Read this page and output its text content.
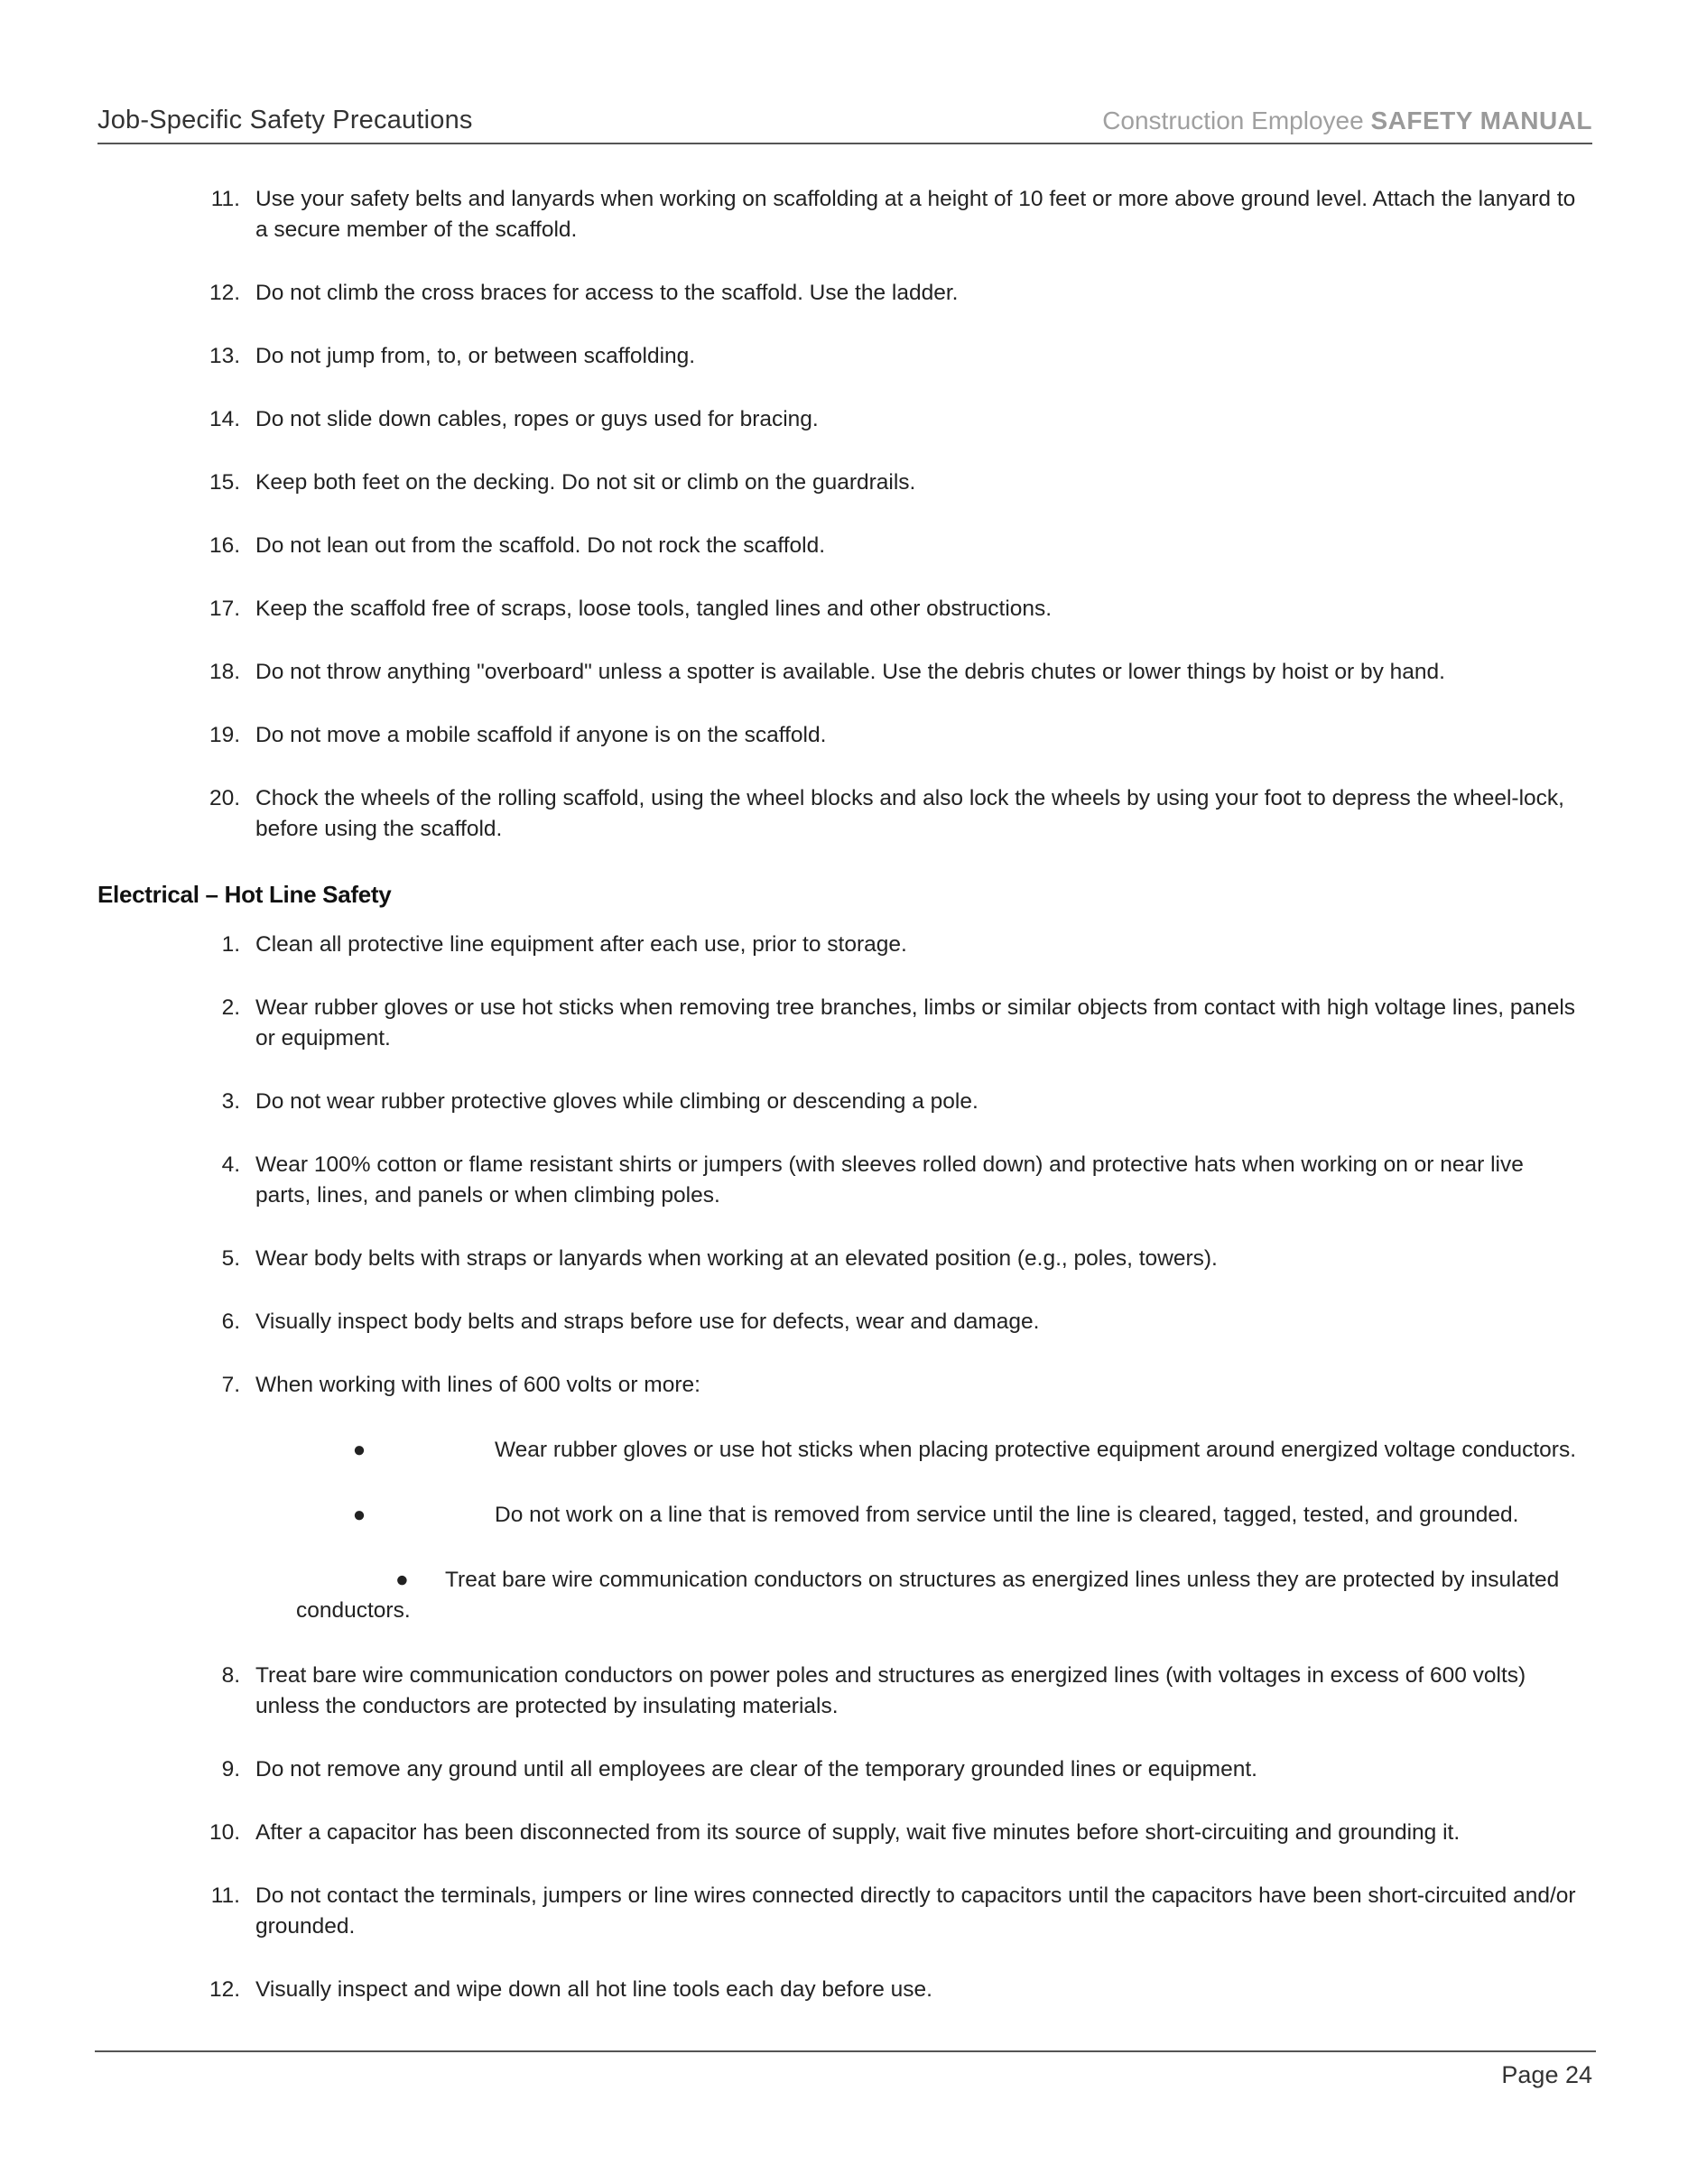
Job-Specific Safety Precautions	Construction Employee SAFETY MANUAL
11. Use your safety belts and lanyards when working on scaffolding at a height of 10 feet or more above ground level. Attach the lanyard to a secure member of the scaffold.
12. Do not climb the cross braces for access to the scaffold. Use the ladder.
13. Do not jump from, to, or between scaffolding.
14. Do not slide down cables, ropes or guys used for bracing.
15. Keep both feet on the decking. Do not sit or climb on the guardrails.
16. Do not lean out from the scaffold. Do not rock the scaffold.
17. Keep the scaffold free of scraps, loose tools, tangled lines and other obstructions.
18. Do not throw anything "overboard" unless a spotter is available. Use the debris chutes or lower things by hoist or by hand.
19. Do not move a mobile scaffold if anyone is on the scaffold.
20. Chock the wheels of the rolling scaffold, using the wheel blocks and also lock the wheels by using your foot to depress the wheel-lock, before using the scaffold.
Electrical – Hot Line Safety
1. Clean all protective line equipment after each use, prior to storage.
2. Wear rubber gloves or use hot sticks when removing tree branches, limbs or similar objects from contact with high voltage lines, panels or equipment.
3. Do not wear rubber protective gloves while climbing or descending a pole.
4. Wear 100% cotton or flame resistant shirts or jumpers (with sleeves rolled down) and protective hats when working on or near live parts, lines, and panels or when climbing poles.
5. Wear body belts with straps or lanyards when working at an elevated position (e.g., poles, towers).
6. Visually inspect body belts and straps before use for defects, wear and damage.
7. When working with lines of 600 volts or more:
●	Wear rubber gloves or use hot sticks when placing protective equipment around energized voltage conductors.
●	Do not work on a line that is removed from service until the line is cleared, tagged, tested, and grounded.
● Treat bare wire communication conductors on structures as energized lines unless they are protected by insulated conductors.
8. Treat bare wire communication conductors on power poles and structures as energized lines (with voltages in excess of 600 volts) unless the conductors are protected by insulating materials.
9. Do not remove any ground until all employees are clear of the temporary grounded lines or equipment.
10. After a capacitor has been disconnected from its source of supply, wait five minutes before short-circuiting and grounding it.
11. Do not contact the terminals, jumpers or line wires connected directly to capacitors until the capacitors have been short-circuited and/or grounded.
12. Visually inspect and wipe down all hot line tools each day before use.
Page 24
